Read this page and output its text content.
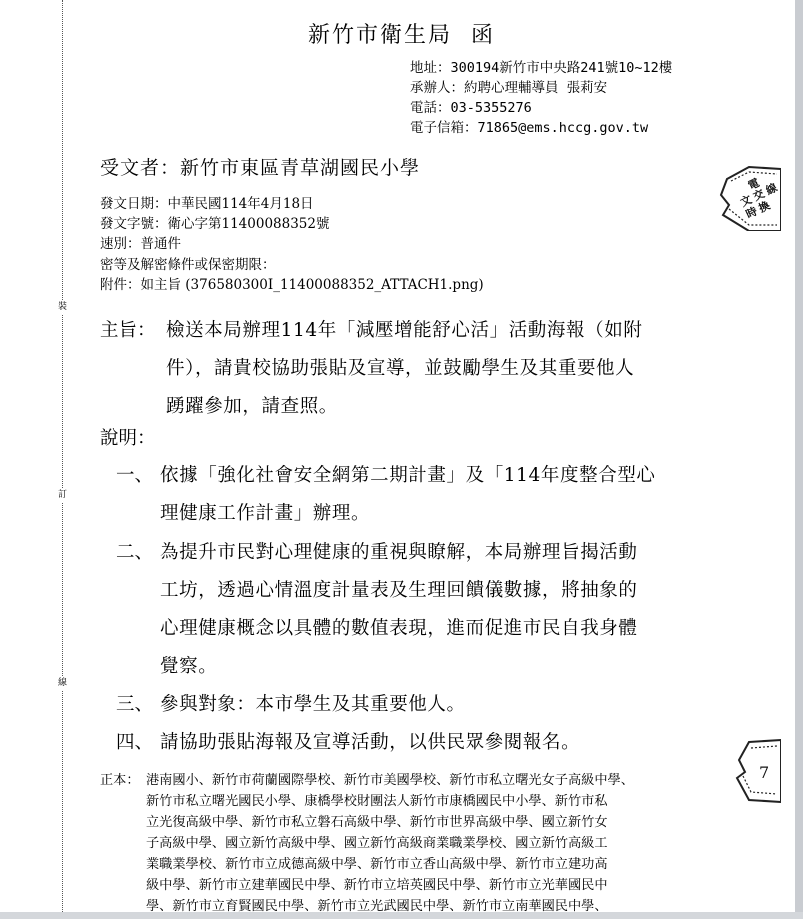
裝
訂
線
新竹市衛生局 函
地址：300194新竹市中央路241號10~12樓
承辦人：約聘心理輔導員 張莉安
電話：03-5355276
電子信箱：71865@ems.hccg.gov.tw
受文者：新竹市東區青草湖國民小學
發文日期：中華民國114年4月18日
發文字號：衛心字第11400088352號
速別：普通件
密等及解密條件或保密期限：
附件：如主旨 (376580300I_11400088352_ATTACH1.png)
主旨： 檢送本局辦理114年「減壓增能舒心活」活動海報（如附
件），請貴校協助張貼及宣導，並鼓勵學生及其重要他人
踴躍參加，請查照。
說明：
一、 依據「強化社會安全網第二期計畫」及「114年度整合型心
理健康工作計畫」辦理。
二、 為提升市民對心理健康的重視與瞭解，本局辦理旨揭活動
工坊，透過心情溫度計量表及生理回饋儀數據，將抽象的
心理健康概念以具體的數值表現，進而促進市民自我身體
覺察。
三、 參與對象：本市學生及其重要他人。
四、 請協助張貼海報及宣導活動，以供民眾參閱報名。
正本： 港南國小、新竹市荷蘭國際學校、新竹市美國學校、新竹市私立曙光女子高級中學、
新竹市私立曙光國民小學、康橋學校財團法人新竹市康橋國民中小學、新竹市私
立光復高級中學、新竹市私立磐石高級中學、新竹市世界高級中學、國立新竹女
子高級中學、國立新竹高級中學、國立新竹高級商業職業學校、國立新竹高級工
業職業學校、新竹市立成德高級中學、新竹市立香山高級中學、新竹市立建功高
級中學、新竹市立建華國民中學、新竹市立培英國民中學、新竹市立光華國民中
學、新竹市立育賢國民中學、新竹市立光武國民中學、新竹市立南華國民中學、
電
文
交
時
換
線
7
